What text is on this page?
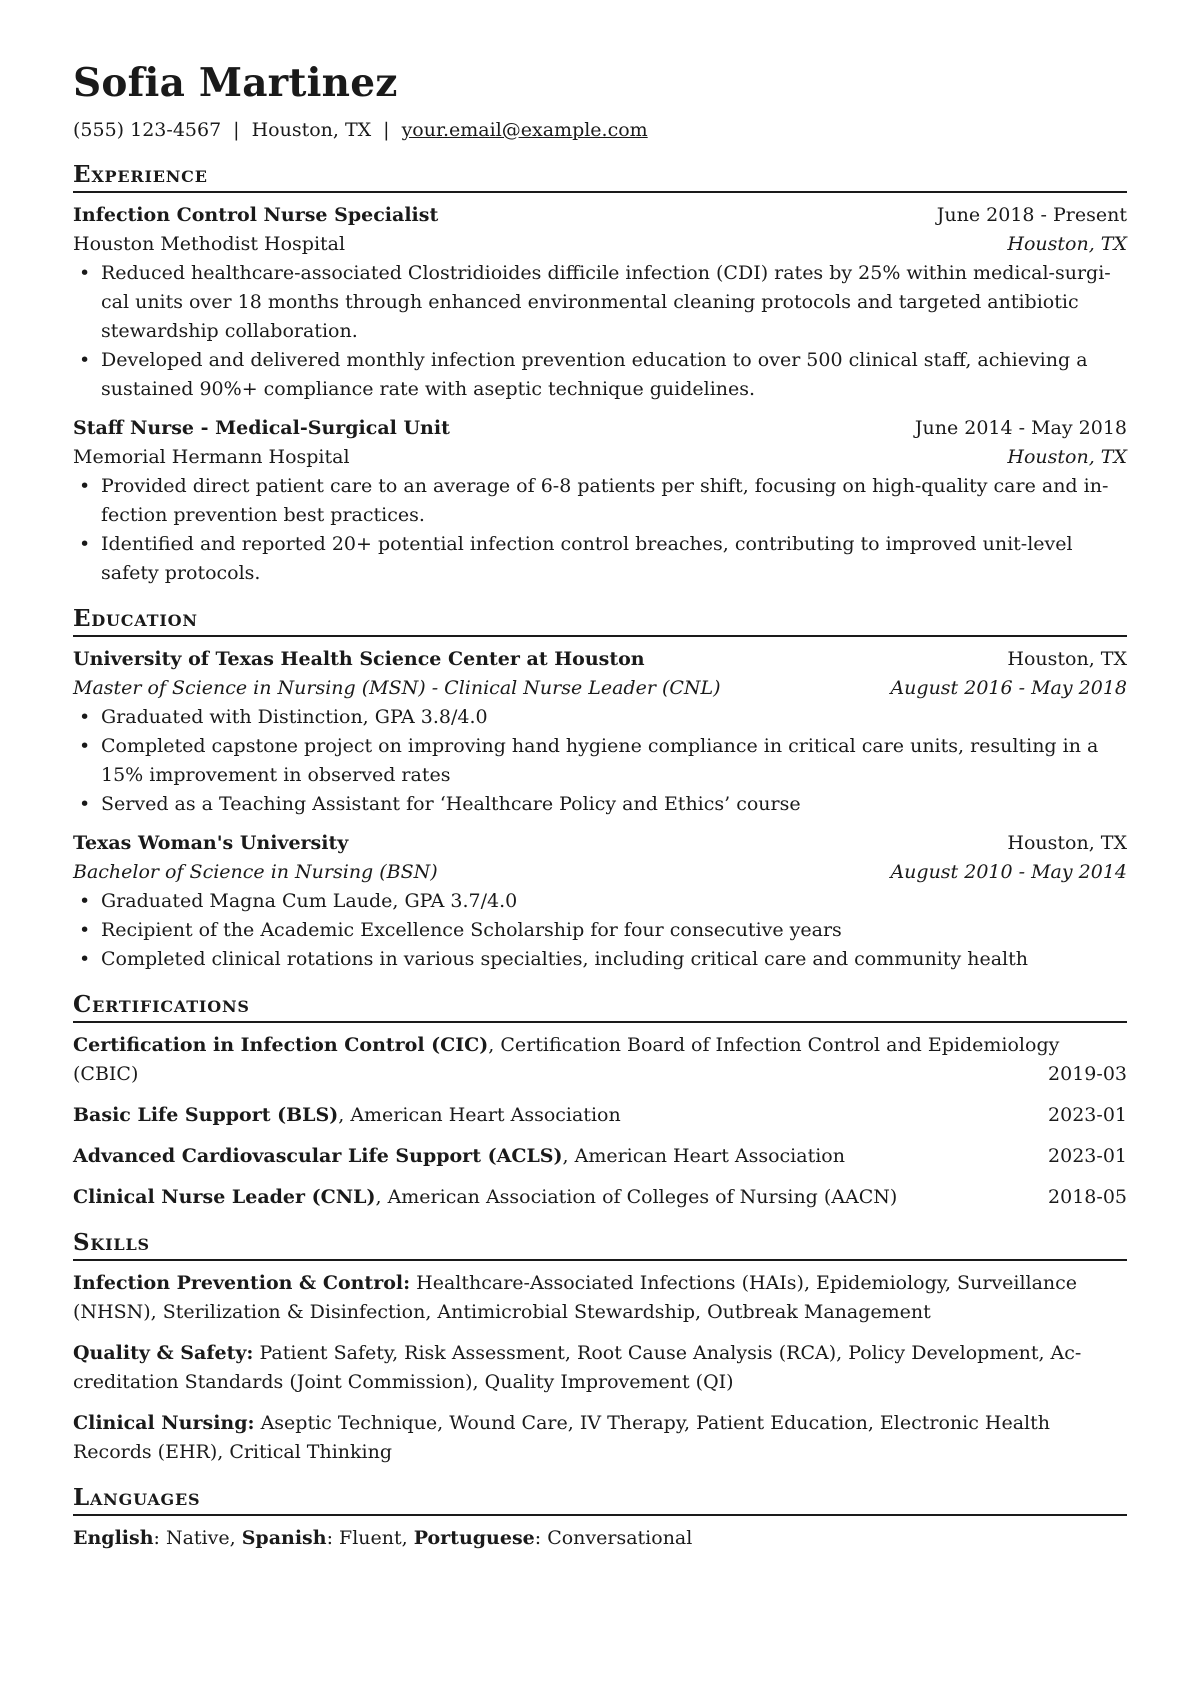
Sofia Martinez
(555) 123-4567 | Houston, TX | your.email@example.com
Experience
Infection Control Nurse Specialist	June 2018 - Present
Houston Methodist Hospital	Houston, TX
• Reduced healthcare-associated Clostridioides difficile infection (CDI) rates by 25% within medical-surgi-cal units over 18 months through enhanced environmental cleaning protocols and targeted antibiotic stewardship collaboration.
• Developed and delivered monthly infection prevention education to over 500 clinical staff, achieving a sustained 90%+ compliance rate with aseptic technique guidelines.
Staff Nurse - Medical-Surgical Unit	June 2014 - May 2018
Memorial Hermann Hospital	Houston, TX
• Provided direct patient care to an average of 6-8 patients per shift, focusing on high-quality care and in-fection prevention best practices.
• Identified and reported 20+ potential infection control breaches, contributing to improved unit-level safety protocols.
Education
University of Texas Health Science Center at Houston	Houston, TX
Master of Science in Nursing (MSN) - Clinical Nurse Leader (CNL)	August 2016 - May 2018
• Graduated with Distinction, GPA 3.8/4.0
• Completed capstone project on improving hand hygiene compliance in critical care units, resulting in a 15% improvement in observed rates
• Served as a Teaching Assistant for ‘Healthcare Policy and Ethics’ course
Texas Woman's University	Houston, TX
Bachelor of Science in Nursing (BSN)	August 2010 - May 2014
• Graduated Magna Cum Laude, GPA 3.7/4.0
• Recipient of the Academic Excellence Scholarship for four consecutive years
• Completed clinical rotations in various specialties, including critical care and community health
Certifications
Certification in Infection Control (CIC), Certification Board of Infection Control and Epidemiology
(CBIC)	2019-03
Basic Life Support (BLS), American Heart Association	2023-01
Advanced Cardiovascular Life Support (ACLS), American Heart Association	2023-01
Clinical Nurse Leader (CNL), American Association of Colleges of Nursing (AACN)	2018-05
Skills
Infection Prevention & Control: Healthcare-Associated Infections (HAIs), Epidemiology, Surveillance (NHSN), Sterilization & Disinfection, Antimicrobial Stewardship, Outbreak Management
Quality & Safety: Patient Safety, Risk Assessment, Root Cause Analysis (RCA), Policy Development, Ac-creditation Standards (Joint Commission), Quality Improvement (QI)
Clinical Nursing: Aseptic Technique, Wound Care, IV Therapy, Patient Education, Electronic Health Records (EHR), Critical Thinking
Languages
English: Native, Spanish: Fluent, Portuguese: Conversational
